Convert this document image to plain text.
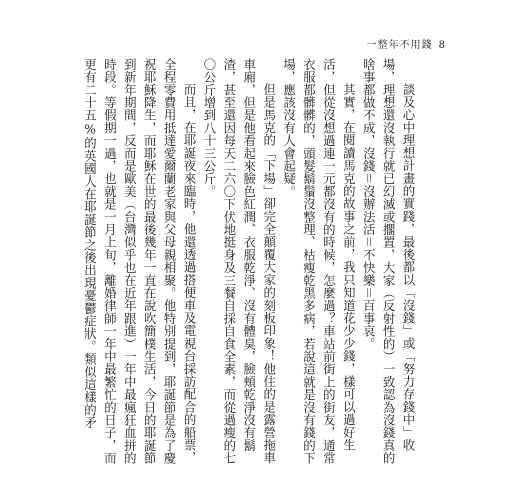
一整年不用錢 8

談及心中理想計畫的實踐，最後都以「沒錢」或「努力存錢中」收場，理想還沒執行就已幻滅或擱置，大家（反射性的）一致認為沒錢真的啥事都做不成，沒錢＝沒辦法活＝不快樂＝百事哀。

其實，在閱讀馬克的故事之前，我只知道花少少錢，樣可以過好生活，但從沒想過連一元都沒有的時候，怎麼過？車站前街上的街友，通常衣服都髒髒的，頭髮鬍鬚沒整理、枯瘦乾黑多病，若說這就是沒有錢的下場，應該沒有人會起疑。

但是馬克的「下場」卻完全顛覆大家的刻板印象！他住的是露營拖車車廂，但是他看起來臉色紅潤、衣服乾淨、沒有體臭，臉頰乾淨沒有鬍渣，甚至還因每天二六〇下伏地挺身及三餐自採自食全素，而從過瘦的七〇公斤增到八十三公斤。

而且，在耶誕夜來臨時，他還透過搭便車及電視台採訪配合的船票，全程零費用抵達愛爾蘭老家與父母親相聚。他特別提到，耶誕節是為了慶祝耶穌降生，而耶穌在世的最後幾年一直在說吹簡樸生活，今日的耶誕節到新年期間，反而是歐美（台灣似乎也在近年跟進）一年中最瘋狂血拼的時段。等假期一過，也就是一月上旬，離婚律師一年中最繁忙的日子，而更有二十五%的英國人在耶誕節之後出現憂鬱症狀。類似這樣的矛
